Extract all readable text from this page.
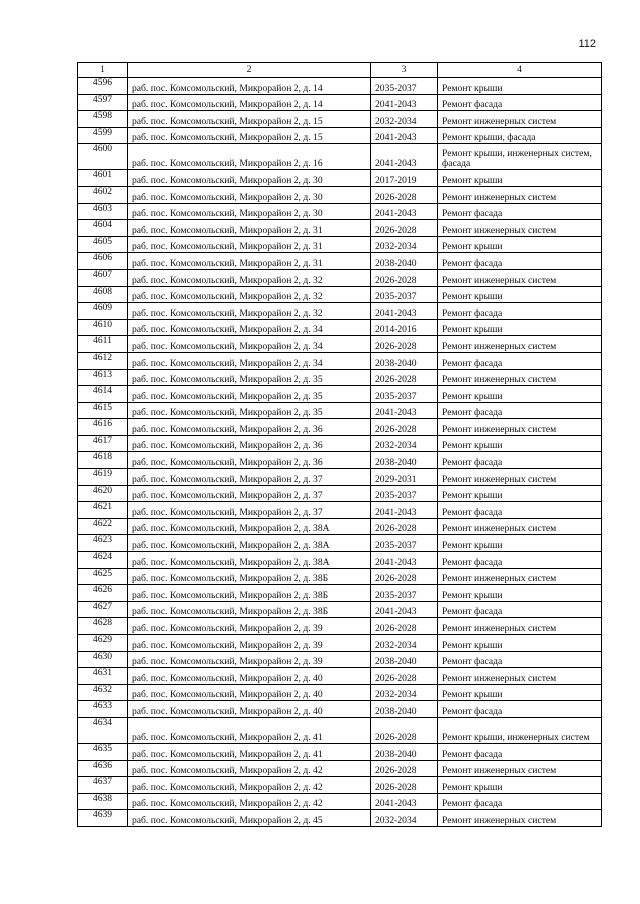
112
1	2	3	4
4596	раб. пос. Комсомольский, Микрорайон 2, д. 14	2035-2037	Ремонт крыши
4597	раб. пос. Комсомольский, Микрорайон 2, д. 14	2041-2043	Ремонт фасада
4598	раб. пос. Комсомольский, Микрорайон 2, д. 15	2032-2034	Ремонт инженерных систем
4599	раб. пос. Комсомольский, Микрорайон 2, д. 15	2041-2043	Ремонт крыши, фасада
4600	раб. пос. Комсомольский, Микрорайон 2, д. 16	2041-2043	Ремонт крыши, инженерных систем, фасада
4601	раб. пос. Комсомольский, Микрорайон 2, д. 30	2017-2019	Ремонт крыши
4602	раб. пос. Комсомольский, Микрорайон 2, д. 30	2026-2028	Ремонт инженерных систем
4603	раб. пос. Комсомольский, Микрорайон 2, д. 30	2041-2043	Ремонт фасада
4604	раб. пос. Комсомольский, Микрорайон 2, д. 31	2026-2028	Ремонт инженерных систем
4605	раб. пос. Комсомольский, Микрорайон 2, д. 31	2032-2034	Ремонт крыши
4606	раб. пос. Комсомольский, Микрорайон 2, д. 31	2038-2040	Ремонт фасада
4607	раб. пос. Комсомольский, Микрорайон 2, д. 32	2026-2028	Ремонт инженерных систем
4608	раб. пос. Комсомольский, Микрорайон 2, д. 32	2035-2037	Ремонт крыши
4609	раб. пос. Комсомольский, Микрорайон 2, д. 32	2041-2043	Ремонт фасада
4610	раб. пос. Комсомольский, Микрорайон 2, д. 34	2014-2016	Ремонт крыши
4611	раб. пос. Комсомольский, Микрорайон 2, д. 34	2026-2028	Ремонт инженерных систем
4612	раб. пос. Комсомольский, Микрорайон 2, д. 34	2038-2040	Ремонт фасада
4613	раб. пос. Комсомольский, Микрорайон 2, д. 35	2026-2028	Ремонт инженерных систем
4614	раб. пос. Комсомольский, Микрорайон 2, д. 35	2035-2037	Ремонт крыши
4615	раб. пос. Комсомольский, Микрорайон 2, д. 35	2041-2043	Ремонт фасада
4616	раб. пос. Комсомольский, Микрорайон 2, д. 36	2026-2028	Ремонт инженерных систем
4617	раб. пос. Комсомольский, Микрорайон 2, д. 36	2032-2034	Ремонт крыши
4618	раб. пос. Комсомольский, Микрорайон 2, д. 36	2038-2040	Ремонт фасада
4619	раб. пос. Комсомольский, Микрорайон 2, д. 37	2029-2031	Ремонт инженерных систем
4620	раб. пос. Комсомольский, Микрорайон 2, д. 37	2035-2037	Ремонт крыши
4621	раб. пос. Комсомольский, Микрорайон 2, д. 37	2041-2043	Ремонт фасада
4622	раб. пос. Комсомольский, Микрорайон 2, д. 38А	2026-2028	Ремонт инженерных систем
4623	раб. пос. Комсомольский, Микрорайон 2, д. 38А	2035-2037	Ремонт крыши
4624	раб. пос. Комсомольский, Микрорайон 2, д. 38А	2041-2043	Ремонт фасада
4625	раб. пос. Комсомольский, Микрорайон 2, д. 38Б	2026-2028	Ремонт инженерных систем
4626	раб. пос. Комсомольский, Микрорайон 2, д. 38Б	2035-2037	Ремонт крыши
4627	раб. пос. Комсомольский, Микрорайон 2, д. 38Б	2041-2043	Ремонт фасада
4628	раб. пос. Комсомольский, Микрорайон 2, д. 39	2026-2028	Ремонт инженерных систем
4629	раб. пос. Комсомольский, Микрорайон 2, д. 39	2032-2034	Ремонт крыши
4630	раб. пос. Комсомольский, Микрорайон 2, д. 39	2038-2040	Ремонт фасада
4631	раб. пос. Комсомольский, Микрорайон 2, д. 40	2026-2028	Ремонт инженерных систем
4632	раб. пос. Комсомольский, Микрорайон 2, д. 40	2032-2034	Ремонт крыши
4633	раб. пос. Комсомольский, Микрорайон 2, д. 40	2038-2040	Ремонт фасада
4634	раб. пос. Комсомольский, Микрорайон 2, д. 41	2026-2028	Ремонт крыши, инженерных систем
4635	раб. пос. Комсомольский, Микрорайон 2, д. 41	2038-2040	Ремонт фасада
4636	раб. пос. Комсомольский, Микрорайон 2, д. 42	2026-2028	Ремонт инженерных систем
4637	раб. пос. Комсомольский, Микрорайон 2, д. 42	2026-2028	Ремонт крыши
4638	раб. пос. Комсомольский, Микрорайон 2, д. 42	2041-2043	Ремонт фасада
4639	раб. пос. Комсомольский, Микрорайон 2, д. 45	2032-2034	Ремонт инженерных систем
